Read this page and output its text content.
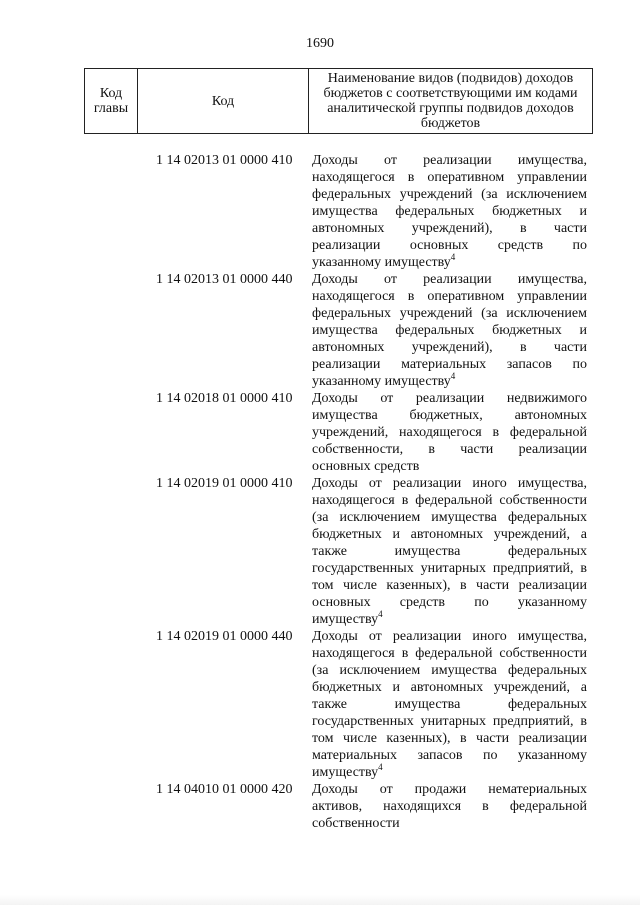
1690
Код главы	Код	
Наименование видов (подвидов) доходов бюджетов с соответствующими им кодами аналитической группы подвидов доходов бюджетов
1 14 02013 01 0000 410 Доходы от реализации имущества,
находящегося в оперативном управлении
федеральных учреждений (за исключением
имущества федеральных бюджетных и
автономных учреждений), в части
реализации основных средств по
указанному имуществу$^4$
1 14 02013 01 0000 440 Доходы от реализации имущества,
находящегося в оперативном управлении
федеральных учреждений (за исключением
имущества федеральных бюджетных и
автономных учреждений), в части
реализации материальных запасов по
указанному имуществу$^4$
1 14 02018 01 0000 410 Доходы от реализации недвижимого
имущества бюджетных, автономных
учреждений, находящегося в федеральной
собственности, в части реализации
основных средств
1 14 02019 01 0000 410 Доходы от реализации иного имущества,
находящегося в федеральной собственности
(за исключением имущества федеральных
бюджетных и автономных учреждений, а
также имущества федеральных
государственных унитарных предприятий, в
том числе казенных), в части реализации
основных средств по указанному
имуществу$^4$
1 14 02019 01 0000 440 Доходы от реализации иного имущества,
находящегося в федеральной собственности
(за исключением имущества федеральных
бюджетных и автономных учреждений, а
также имущества федеральных
государственных унитарных предприятий, в
том числе казенных), в части реализации
материальных запасов по указанному
имуществу$^4$
1 14 04010 01 0000 420 Доходы от продажи нематериальных
активов, находящихся в федеральной
собственности
